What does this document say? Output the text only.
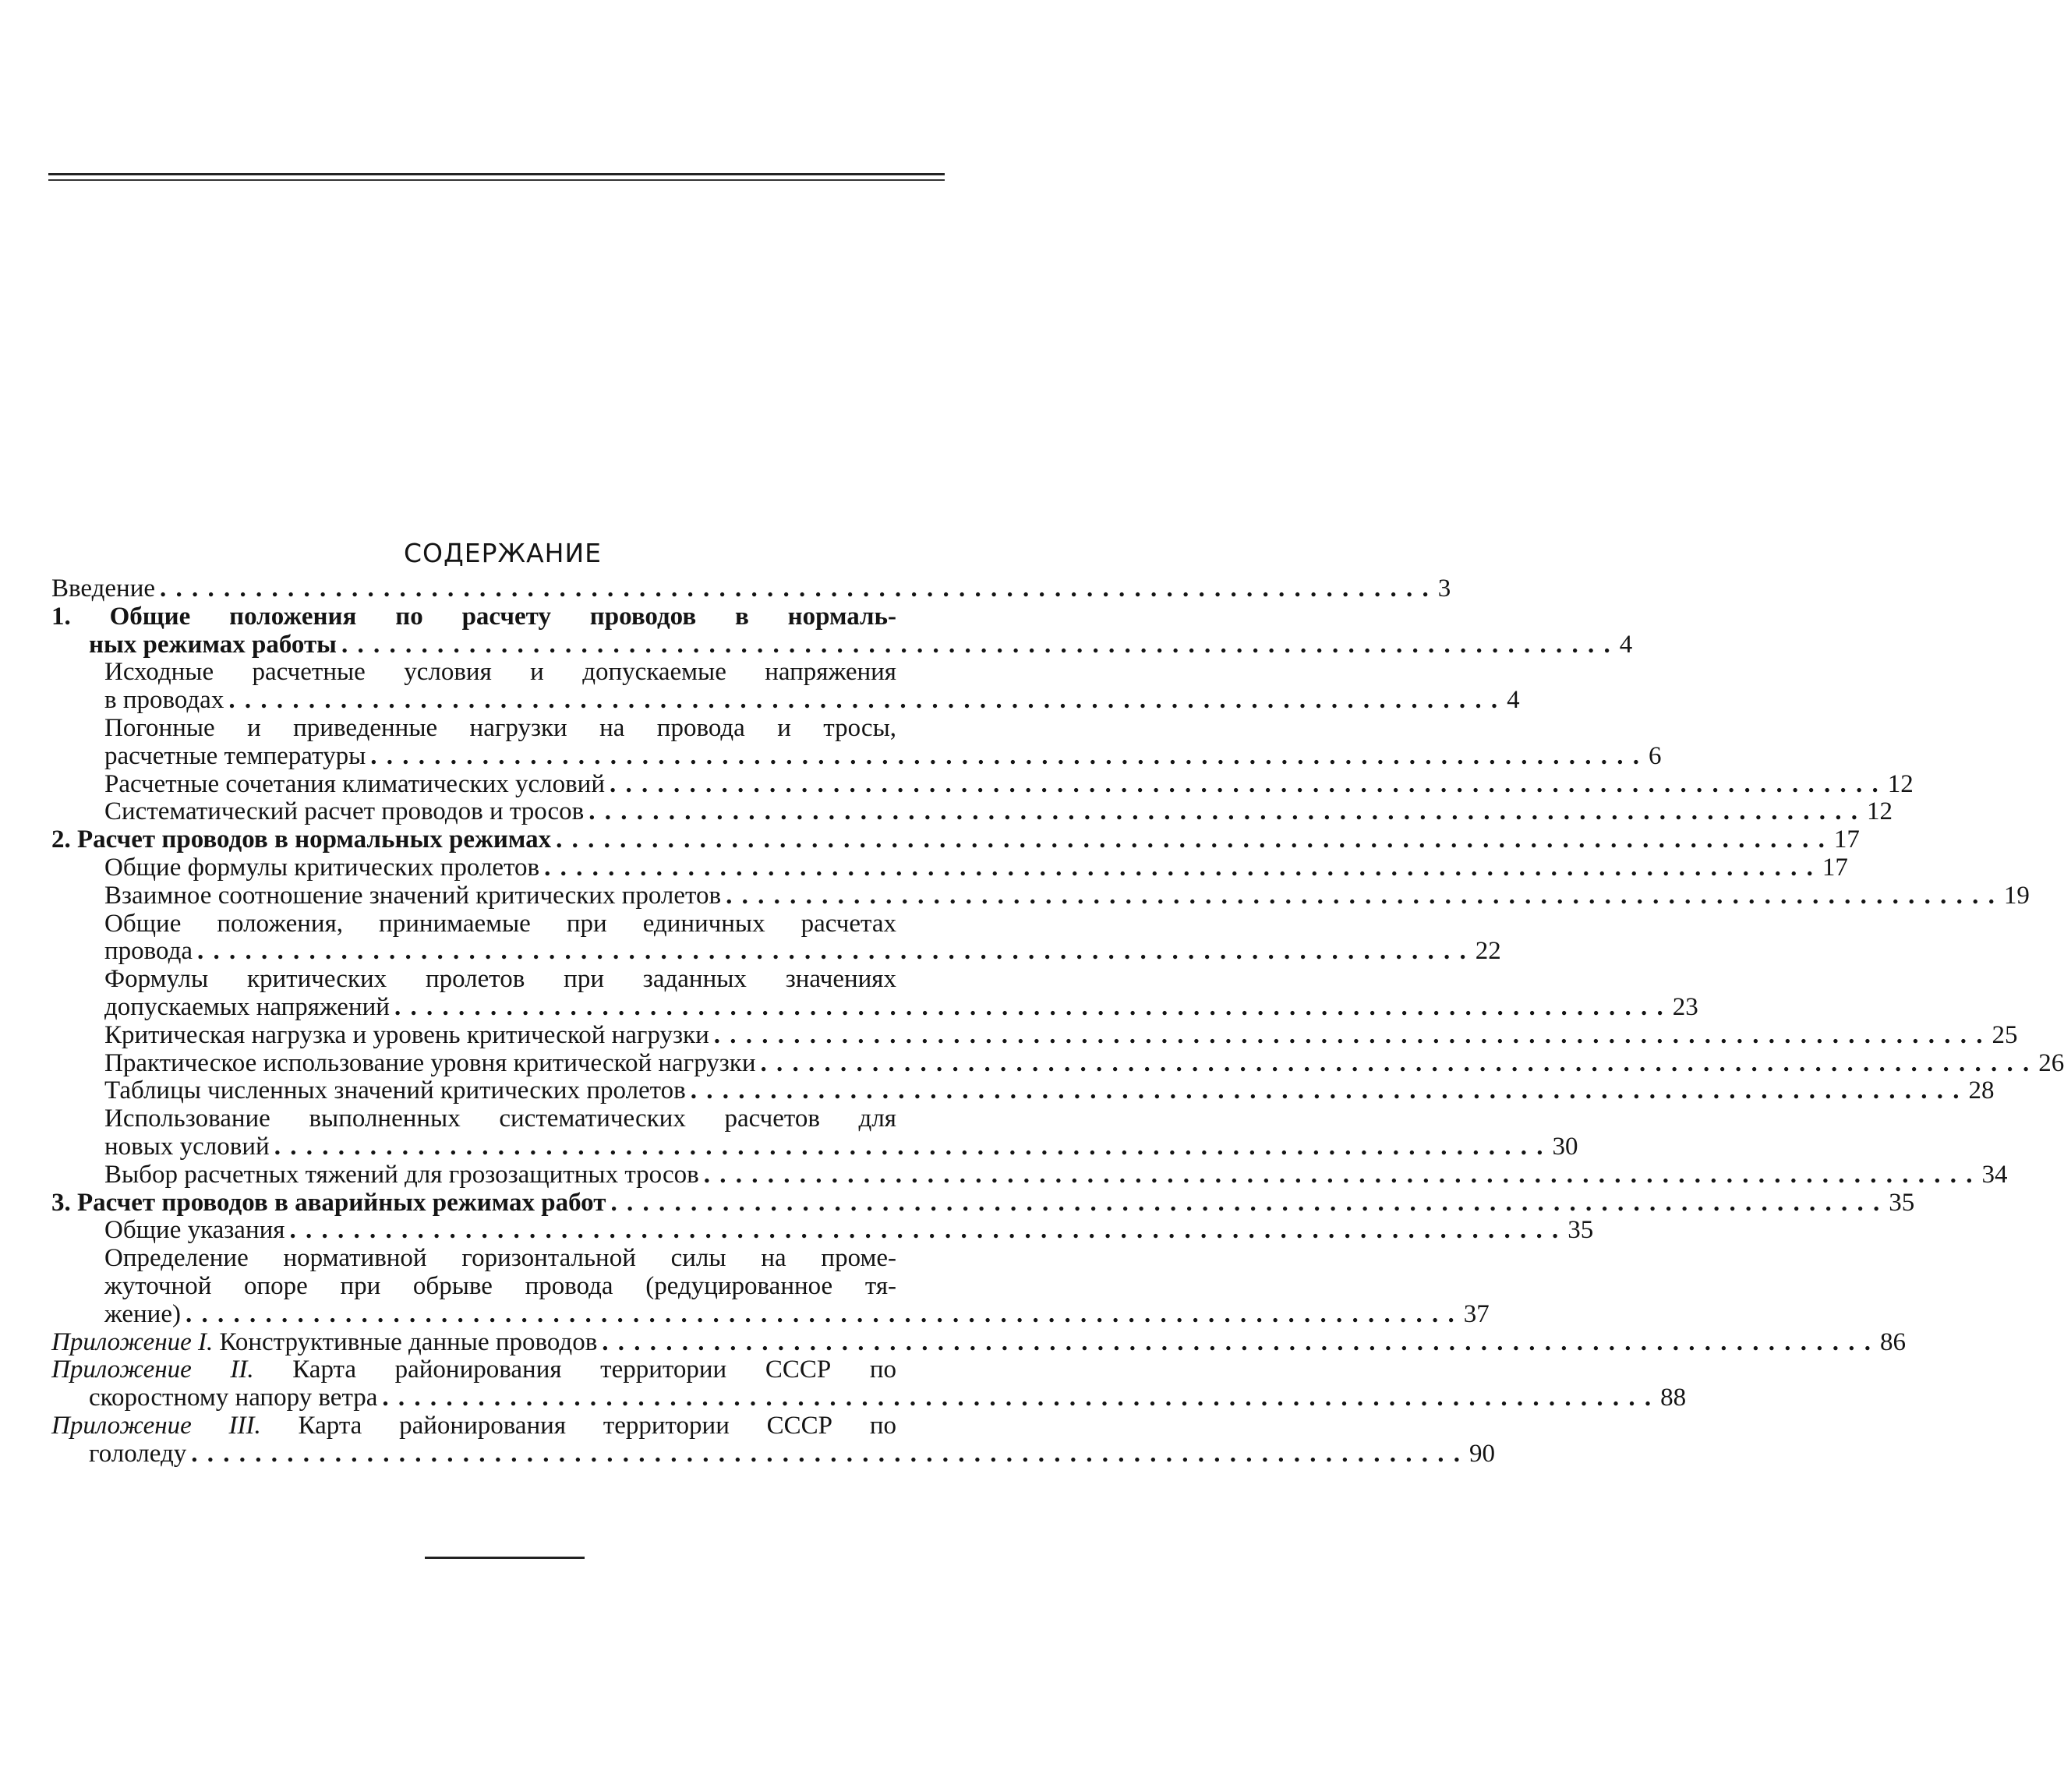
СОДЕРЖАНИЕ
Введение . . .	3
1. Общие положения по расчету проводов в нормаль-
ных режимах работы . . .	4
Исходные расчетные условия и допускаемые напряжения
в проводах . . .	4
Погонные и приведенные нагрузки на провода и тросы,
расчетные температуры . . .	6
Расчетные сочетания климатических условий . . .	12
Систематический расчет проводов и тросов . . .	12
2. Расчет проводов в нормальных режимах . . .	17
Общие формулы критических пролетов . . .	17
Взаимное соотношение значений критических пролетов . . .	19
Общие положения, принимаемые при единичных расчетах
провода . . .	22
Формулы критических пролетов при заданных значениях
допускаемых напряжений . . .	23
Критическая нагрузка и уровень критической нагрузки . . .	25
Практическое использование уровня критической нагрузки . . .	26
Таблицы численных значений критических пролетов . . .	28
Использование выполненных систематических расчетов для
новых условий . . .	30
Выбор расчетных тяжений для грозозащитных тросов . . .	34
3. Расчет проводов в аварийных режимах работ . . .	35
Общие указания . . .	35
Определение нормативной горизонтальной силы на проме-
жуточной опоре при обрыве провода (редуцированное тя-
жение) . . .	37
Приложение I. Конструктивные данные проводов . . .	86
Приложение II. Карта районирования территории СССР по
скоростному напору ветра . . .	88
Приложение III. Карта районирования территории СССР по
гололеду . . .	90
